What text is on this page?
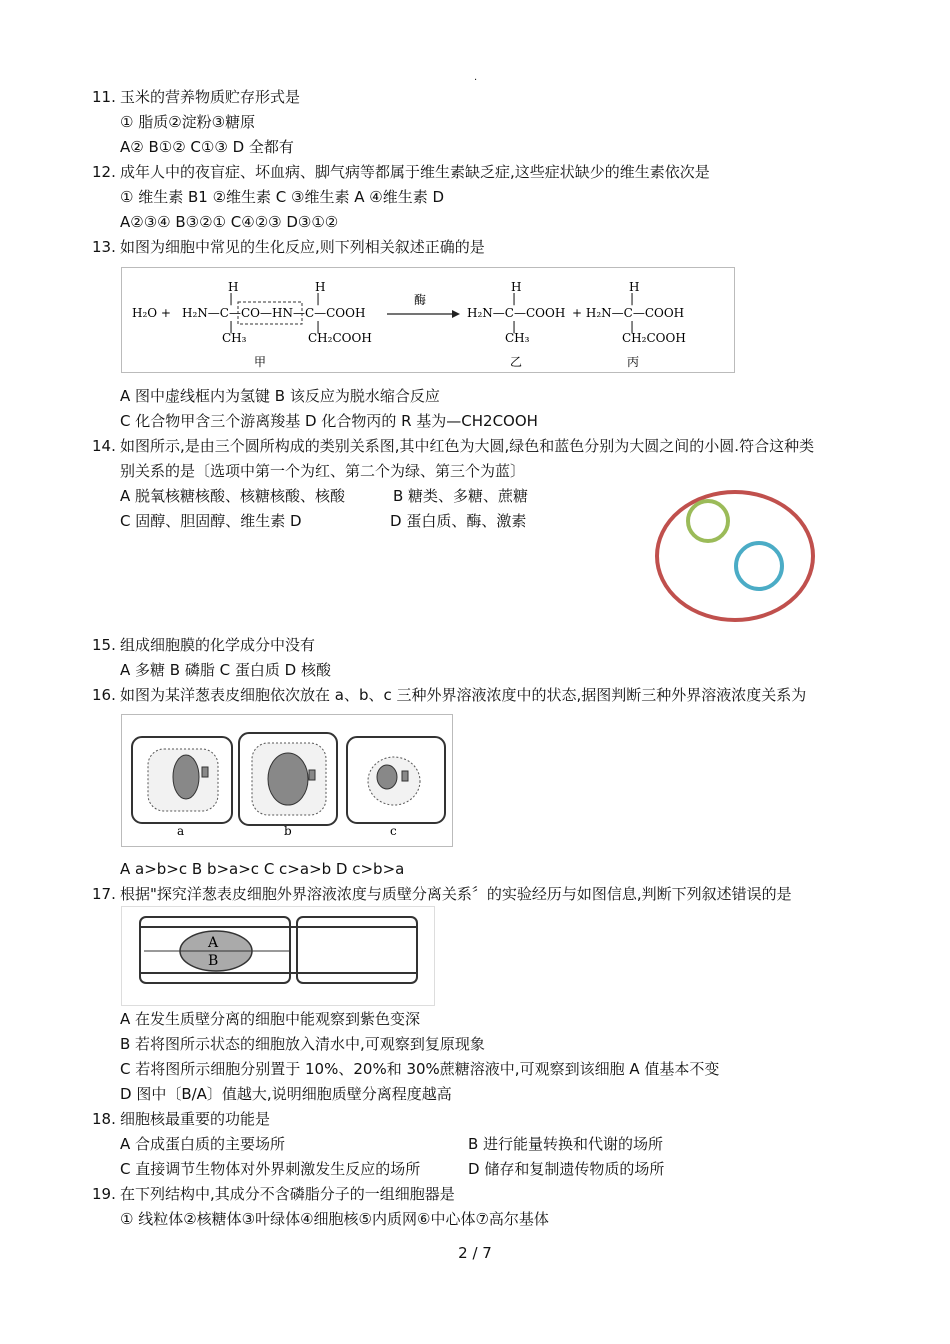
.
11. 玉米的营养物质贮存形式是
① 脂质②淀粉③糖原
A② B①② C①③ D 全都有
12. 成年人中的夜盲症、坏血病、脚气病等都属于维生素缺乏症,这些症状缺少的维生素依次是
① 维生素 B1 ②维生素 C ③维生素 A ④维生素 D
A②③④ B③②① C④②③ D③①②
13. 如图为细胞中常见的生化反应,则下列相关叙述正确的是
H₂O + H₂N—C—CO—HN—C—COOH
H
|
|
CH₃
H
|
|
CH₂COOH
甲
酶
H₂N—C—COOH
H
|
|
CH₃
乙
+ H₂N—C—COOH
H
|
|
CH₂COOH
丙
A 图中虚线框内为氢键 B 该反应为脱水缩合反应
C 化合物甲含三个游离羧基 D 化合物丙的 R 基为—CH2COOH
14. 如图所示,是由三个圆所构成的类别关系图,其中红色为大圆,绿色和蓝色分别为大圆之间的小圆.符合这种类
别关系的是〔选项中第一个为红、第二个为绿、第三个为蓝〕
A 脱氧核糖核酸、核糖核酸、核酸	B 糖类、多糖、蔗糖
C 固醇、胆固醇、维生素 D	D 蛋白质、酶、激素
15. 组成细胞膜的化学成分中没有
A 多糖 B 磷脂 C 蛋白质 D 核酸
16. 如图为某洋葱表皮细胞依次放在 a、b、c 三种外界溶液浓度中的状态,据图判断三种外界溶液浓度关系为
a	b	c
A a>b>c B b>a>c C c>a>b D c>b>a
17. 根据"探究洋葱表皮细胞外界溶液浓度与质壁分离关系〞的实验经历与如图信息,判断下列叙述错误的是
A
B
A 在发生质壁分离的细胞中能观察到紫色变深
B 若将图所示状态的细胞放入清水中,可观察到复原现象
C 若将图所示细胞分别置于 10%、20%和 30%蔗糖溶液中,可观察到该细胞 A 值基本不变
D 图中〔B/A〕值越大,说明细胞质壁分离程度越高
18. 细胞核最重要的功能是
A 合成蛋白质的主要场所	B 进行能量转换和代谢的场所
C 直接调节生物体对外界刺激发生反应的场所	D 储存和复制遗传物质的场所
19. 在下列结构中,其成分不含磷脂分子的一组细胞器是
① 线粒体②核糖体③叶绿体④细胞核⑤内质网⑥中心体⑦高尔基体
2 / 7
